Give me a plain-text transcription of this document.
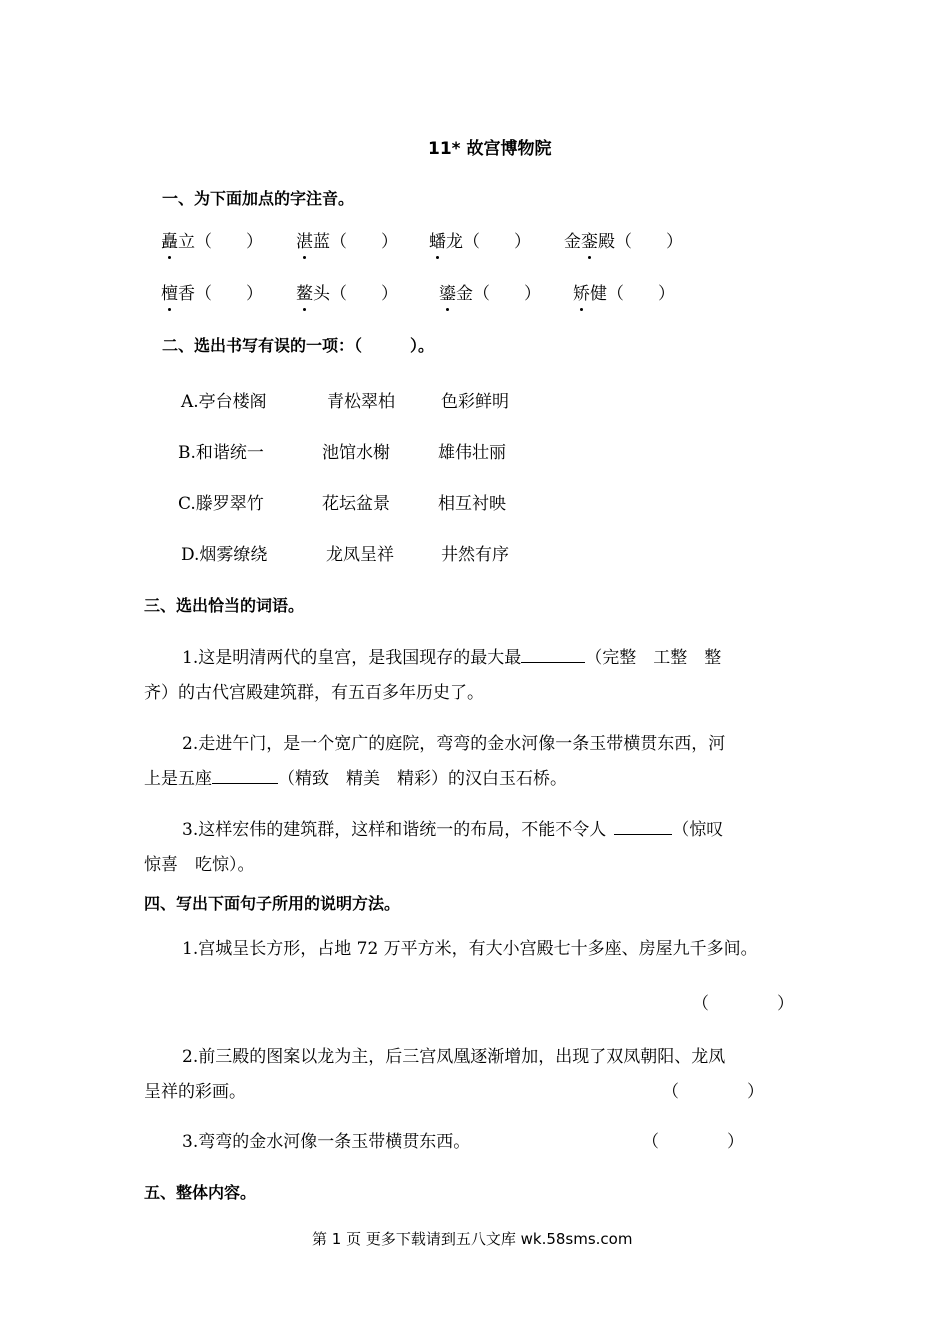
11* 故宫博物院
一、为下面加点的字注音。
矗立（　　） 湛蓝（　　） 蟠龙（　　） 金銮殿（　　）
檀香（　　） 鳌头（　　） 鎏金（　　） 矫健（　　）
二、选出书写有误的一项：（　　　）。
A.亭台楼阁	青松翠柏	色彩鲜明
B.和谐统一	池馆水榭	雄伟壮丽
C.滕罗翠竹	花坛盆景	相互衬映
D.烟雾缭绕	龙凤呈祥	井然有序
三、选出恰当的词语。
1.这是明清两代的皇宫，是我国现存的最大最	（完整　工整　整
齐）的古代宫殿建筑群，有五百多年历史了。
2.走进午门，是一个宽广的庭院，弯弯的金水河像一条玉带横贯东西，河
上是五座	（精致　精美　精彩）的汉白玉石桥。
3.这样宏伟的建筑群，这样和谐统一的布局，不能不令人	（惊叹
惊喜　吃惊）。
四、写出下面句子所用的说明方法。
1.宫城呈长方形，占地 72 万平方米，有大小宫殿七十多座、房屋九千多间。
（　　　　）
2.前三殿的图案以龙为主，后三宫凤凰逐渐增加，出现了双凤朝阳、龙凤
呈祥的彩画。	（　　　　）
3.弯弯的金水河像一条玉带横贯东西。	（　　　　）
五、整体内容。
第 1 页 更多下载请到五八文库 wk.58sms.com
